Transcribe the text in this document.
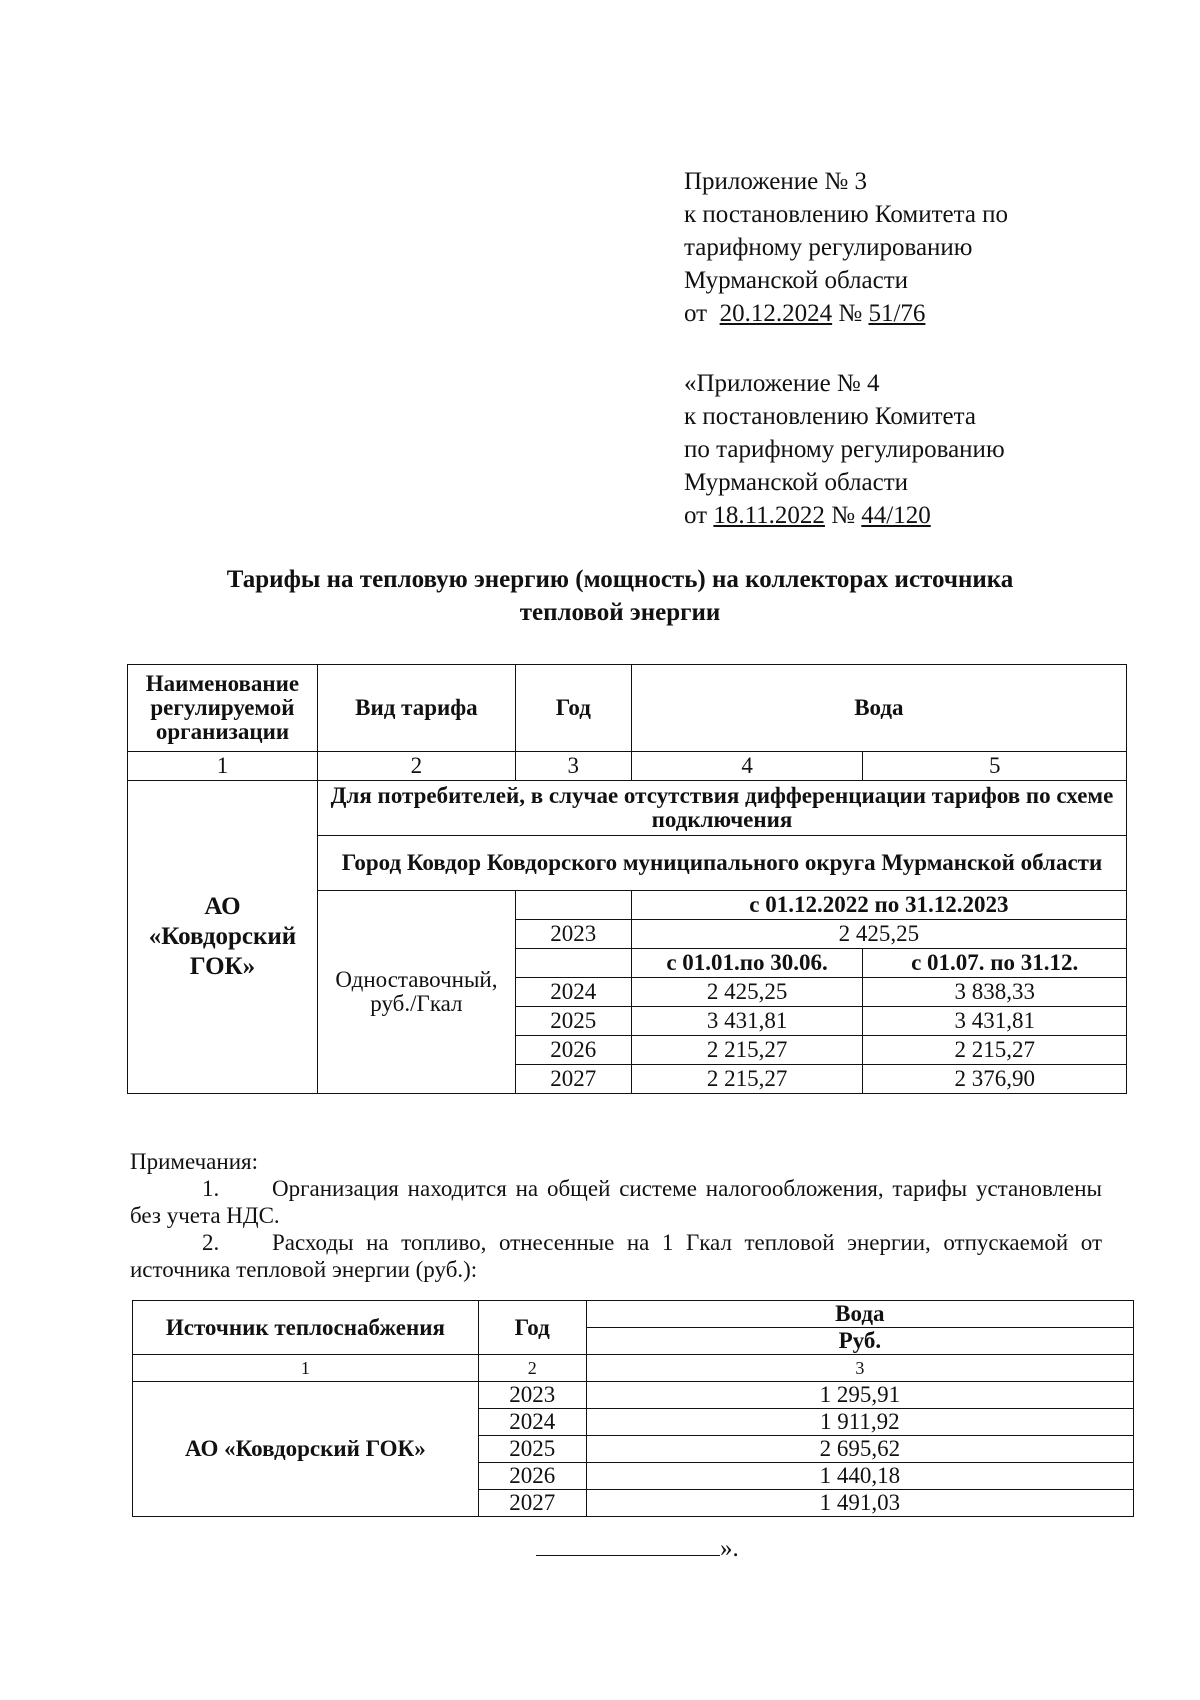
Приложение № 3
к постановлению Комитета по
тарифному регулированию
Мурманской области
от 20.12.2024 № 51/76
«Приложение № 4
к постановлению Комитета
по тарифному регулированию
Мурманской области
от 18.11.2022 № 44/120
Тарифы на тепловую энергию (мощность) на коллекторах источника
тепловой энергии
Наименование регулируемой организации	Вид тарифа	Год	Вода	
1	2	3	4	5
АО «Ковдорский ГОК»	Для потребителей, в случае отсутствия дифференциации тарифов по схеме подключения			
	Город Ковдор Ковдорского муниципального округа Мурманской области			
	Одноставочный, руб./Гкал		с 01.12.2022 по 31.12.2023	
		2023	2 425,25	
			с 01.01.по 30.06.	с 01.07. по 31.12.
		2024	2 425,25	3 838,33
		2025	3 431,81	3 431,81
		2026	2 215,27	2 215,27
		2027	2 215,27	2 376,90

Примечания:

1. Организация находится на общей системе налогообложения, тарифы установлены без учета НДС.

2. Расходы на топливо, отнесенные на 1 Гкал тепловой энергии, отпускаемой от источника тепловой энергии (руб.):

Источник теплоснабжения	Год	Вода
		Руб.
1	2	3
АО «Ковдорский ГОК»	2023	1 295,91
	2024	1 911,92
	2025	2 695,62
	2026	1 440,18
	2027	1 491,03
».
